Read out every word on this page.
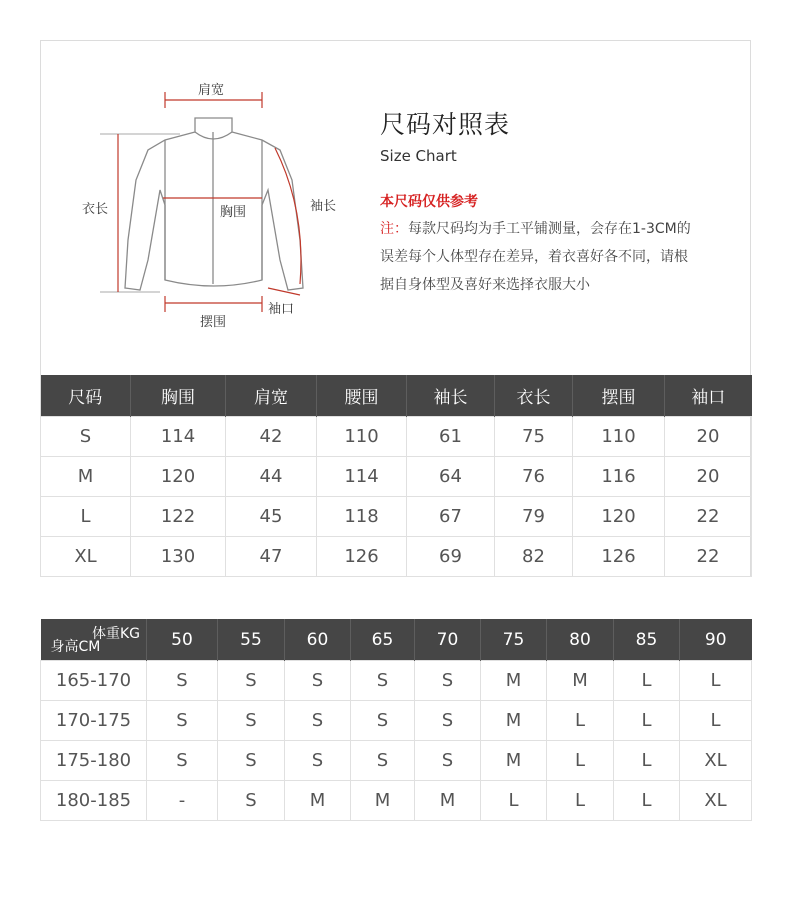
肩宽
衣长	胸围	袖长
摆围
袖口
尺码对照表
Size Chart
本尺码仅供参考
注：每款尺码均为手工平铺测量，会存在1-3CM的
误差每个人体型存在差异，着衣喜好各不同，请根
据自身体型及喜好来选择衣服大小
尺码	胸围	肩宽	腰围	袖长	衣长	摆围	袖口
S	114	42	110	61	75	110	20
M	120	44	114	64	76	116	20
L	122	45	118	67	79	120	22
XL	130	47	126	69	82	126	22
体重KG
身高CM	50	55	60	65	70	75	80	85	90
165-170	S	S	S	S	S	M	M	L	L
170-175	S	S	S	S	S	M	L	L	L
175-180	S	S	S	S	S	M	L	L	XL
180-185	-	S	M	M	M	L	L	L	XL
